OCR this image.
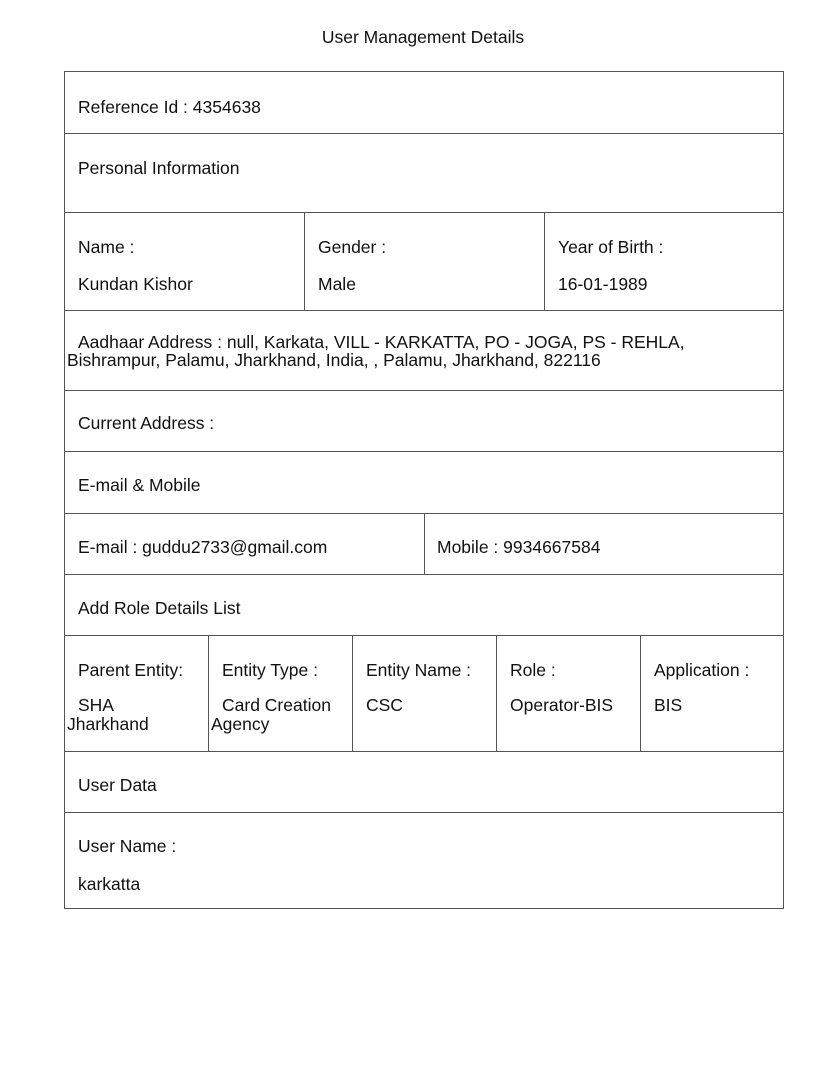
User Management Details
Reference Id : 4354638
Personal Information
Name :
Kundan Kishor
Gender :
Male
Year of Birth :
16-01-1989
Aadhaar Address : null, Karkata, VILL - KARKATTA, PO - JOGA, PS - REHLA,
Bishrampur, Palamu, Jharkhand, India, , Palamu, Jharkhand, 822116
Current Address :
E-mail & Mobile
E-mail : guddu2733@gmail.com	Mobile : 9934667584
Add Role Details List
Parent Entity:
SHA
Jharkhand
Entity Type :
Card Creation
Agency
Entity Name :
CSC
Role :
Operator-BIS
Application :
BIS
User Data
User Name :
karkatta
